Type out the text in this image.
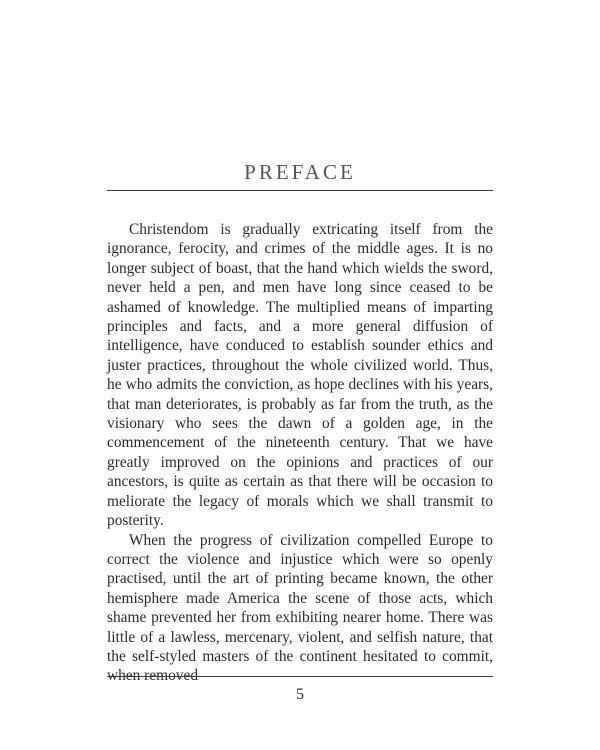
PREFACE

Christendom is gradually extricating itself from the ignorance, ferocity, and crimes of the middle ages. It is no longer subject of boast, that the hand which wields the sword, never held a pen, and men have long since ceased to be ashamed of knowledge. The multiplied means of imparting principles and facts, and a more general diffusion of intelligence, have conduced to establish sounder ethics and juster practices, throughout the whole civilized world. Thus, he who admits the conviction, as hope declines with his years, that man deteriorates, is probably as far from the truth, as the visionary who sees the dawn of a golden age, in the commencement of the nineteenth century. That we have greatly improved on the opinions and practices of our ancestors, is quite as certain as that there will be occasion to meliorate the legacy of morals which we shall transmit to posterity.

When the progress of civilization compelled Europe to correct the violence and injustice which were so openly practised, until the art of printing became known, the other hemisphere made America the scene of those acts, which shame prevented her from exhibiting nearer home. There was little of a lawless, mercenary, violent, and selfish nature, that the self-styled masters of the continent hesitated to commit, when removed

5
